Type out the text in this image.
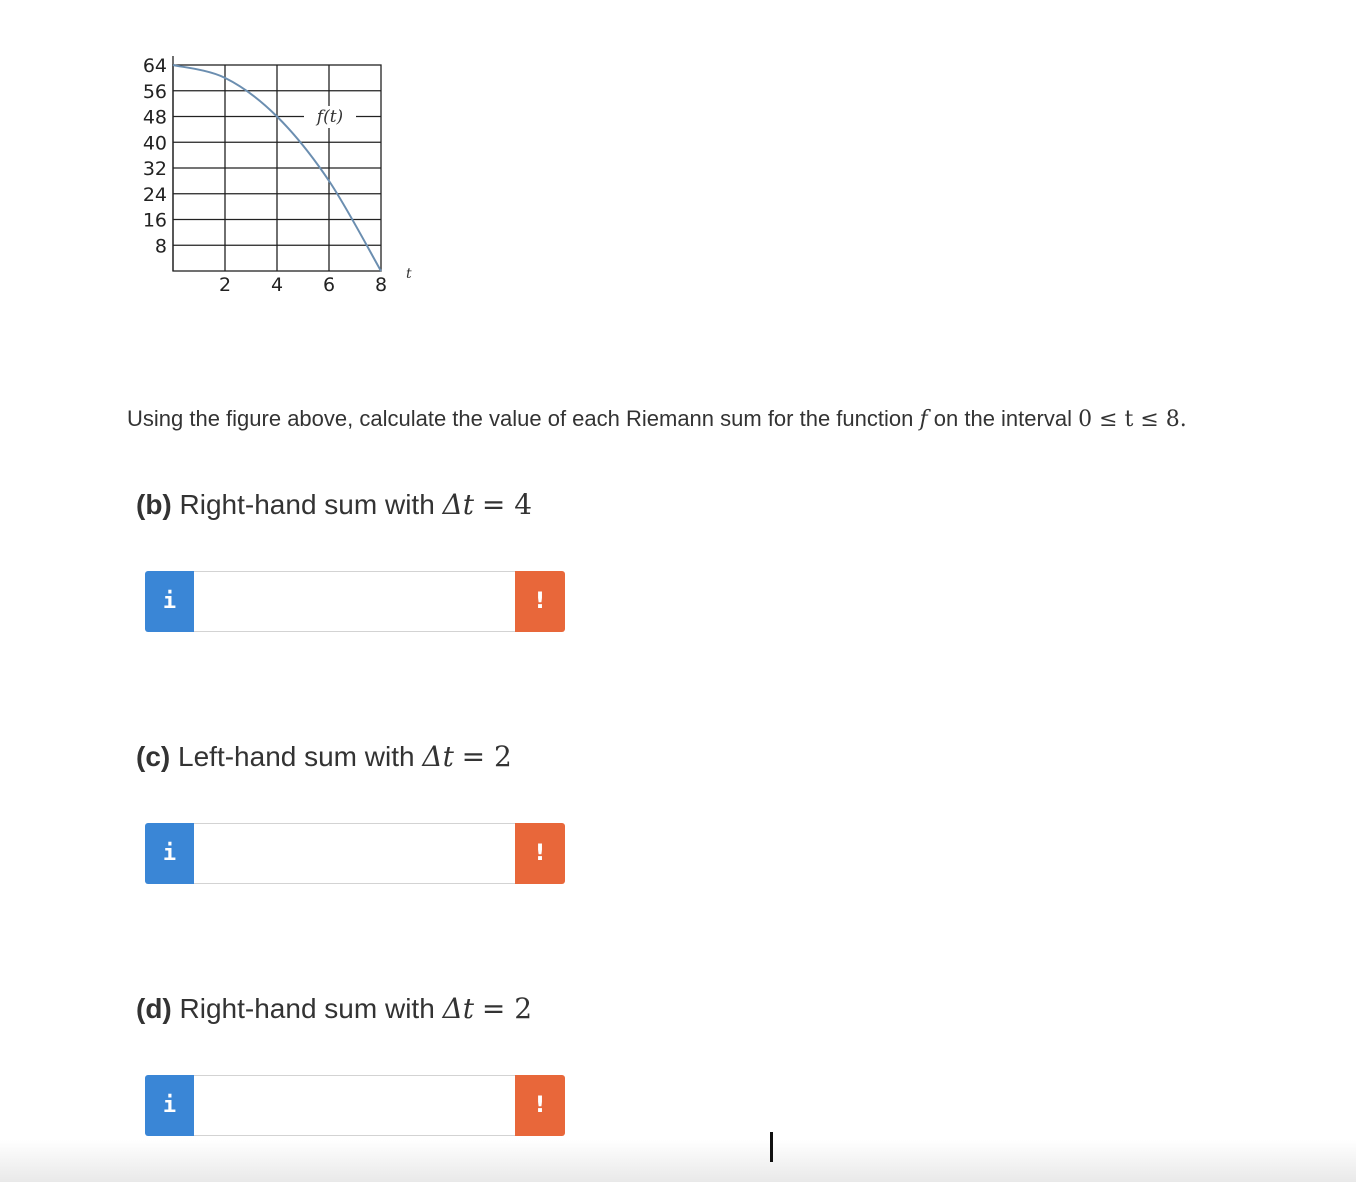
64
56
48
40
32
24
16
8
2 4 6 8
f(t)
t
Using the figure above, calculate the value of each Riemann sum for the function f on the interval 0 ≤ t ≤ 8.
(b) Right-hand sum with Δt = 4
i	!
(c) Left-hand sum with Δt = 2
i	!
(d) Right-hand sum with Δt = 2
i	!
